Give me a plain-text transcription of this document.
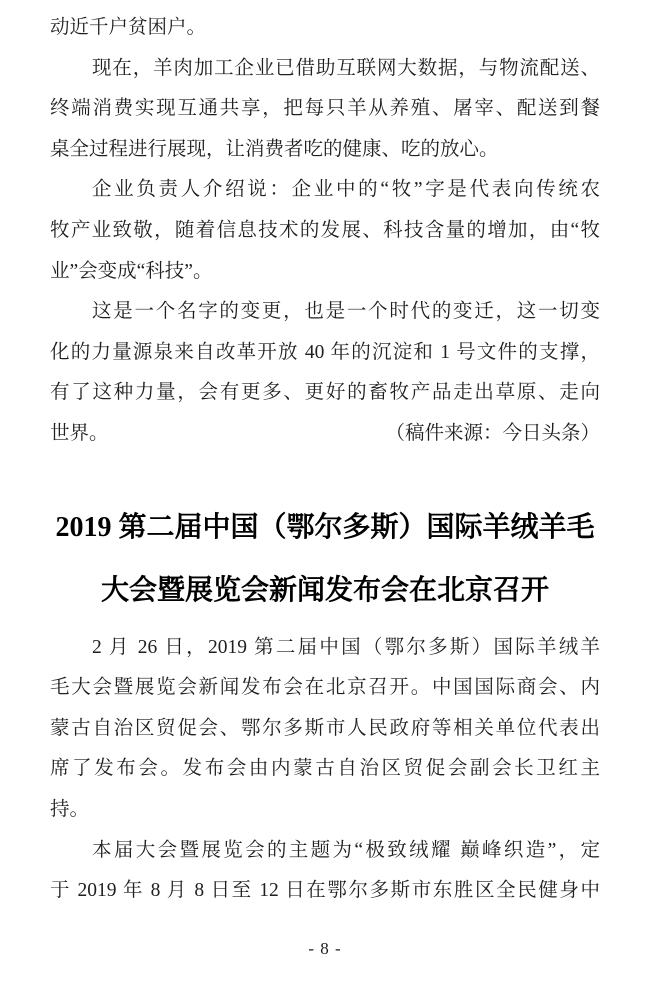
动近千户贫困户。
现在，羊肉加工企业已借助互联网大数据，与物流配送、
终端消费实现互通共享，把每只羊从养殖、屠宰、配送到餐
桌全过程进行展现，让消费者吃的健康、吃的放心。
企业负责人介绍说：企业中的“牧”字是代表向传统农
牧产业致敬，随着信息技术的发展、科技含量的增加，由“牧
业”会变成“科技”。
这是一个名字的变更，也是一个时代的变迁，这一切变
化的力量源泉来自改革开放 40 年的沉淀和 1 号文件的支撑，
有了这种力量，会有更多、更好的畜牧产品走出草原、走向
世界。	（稿件来源：今日头条）
2019 第二届中国（鄂尔多斯）国际羊绒羊毛
大会暨展览会新闻发布会在北京召开
2 月 26 日，2019 第二届中国（鄂尔多斯）国际羊绒羊
毛大会暨展览会新闻发布会在北京召开。中国国际商会、内
蒙古自治区贸促会、鄂尔多斯市人民政府等相关单位代表出
席了发布会。发布会由内蒙古自治区贸促会副会长卫红主
持。
本届大会暨展览会的主题为“极致绒耀 巅峰织造”，定
于 2019 年 8 月 8 日至 12 日在鄂尔多斯市东胜区全民健身中
- 8 -
